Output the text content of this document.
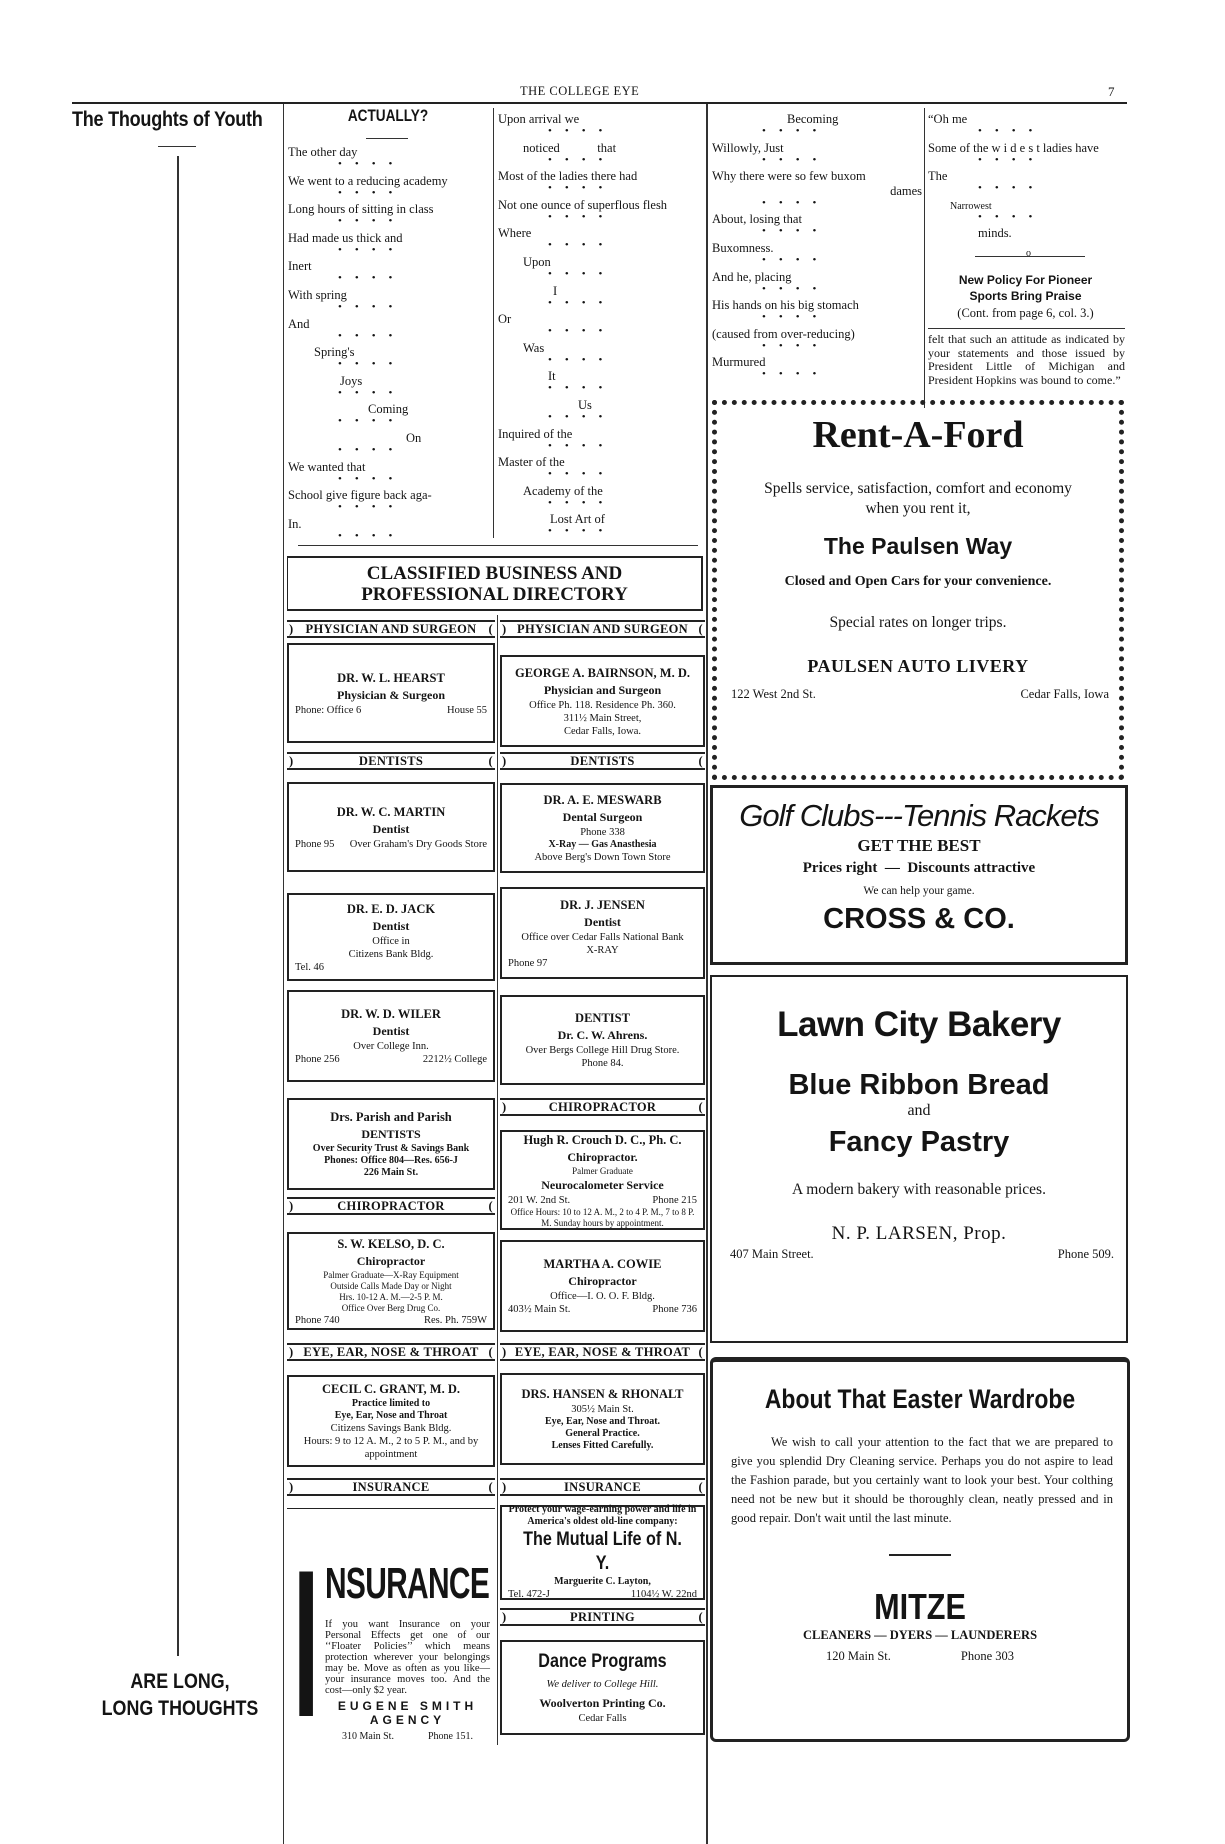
THE COLLEGE EYE	7
The Thoughts of Youth
ARE LONG,
LONG THOUGHTS
ACTUALLY?
The other day
••••
We went to a reducing academy
••••
Long hours of sitting in class
••••
Had made us thick and
••••
Inert
••••
With spring
••••
And
••••
Spring's
••••
Joys
••••
Coming
••••
On
••••
We wanted that
••••
School give figure back aga-
••••
In.
••••
Upon arrival we
••••
noticed            that
••••
Most of the ladies there had
••••
Not one ounce of superflous flesh
••••
Where
••••
Upon
••••
I
••••
Or
••••
Was
••••
It
••••
Us
••••
Inquired of the
••••
Master of the
••••
Academy of the
••••
Lost Art of
••••
Becoming
••••
Willowly, Just
••••
Why there were so few buxom
dames
••••
About, losing that
••••
Buxomness.
••••
And he, placing
••••
His hands on his big stomach
••••
(caused from over-reducing)
••••
Murmured
••••
“Oh me
••••
Some of the w i d e s t ladies have
••••
The
••••
Narrowest
••••
minds.
o
New Policy For Pioneer
Sports Bring Praise
(Cont. from page 6, col. 3.)
felt that such an attitude as indicated by your statements and those issued by President Little of Michigan and President Hopkins was bound to come.”
CLASSIFIED BUSINESS AND
PROFESSIONAL DIRECTORY
) PHYSICIAN AND SURGEON (
DR. W. L. HEARST
Physician & Surgeon
Phone: Office 6	House 55
)	DENTISTS	(
DR. W. C. MARTIN
Dentist
Phone 95 Over Graham's Dry Goods Store
DR. E. D. JACK
Dentist
Office in
Citizens Bank Bldg.
Tel. 46
DR. W. D. WILER
Dentist
Over College Inn.
Phone 256	2212½ College
Drs. Parish and Parish
DENTISTS
Over Security Trust & Savings Bank
Phones: Office 804—Res. 656-J
226 Main St.
)	CHIROPRACTOR	(
S. W. KELSO, D. C.
Chiropractor
Palmer Graduate—X-Ray Equipment
Outside Calls Made Day or Night
Hrs. 10-12 A. M.—2-5 P. M.
Office Over Berg Drug Co.
Phone 740	Res. Ph. 759W
) EYE, EAR, NOSE & THROAT (
CECIL C. GRANT, M. D.
Practice limited to
Eye, Ear, Nose and Throat
Citizens Savings Bank Bldg.
Hours: 9 to 12 A. M., 2 to 5 P. M., and by appointment
)	INSURANCE	(
I NSURANCE
If you want Insurance on your Personal Effects get one of our ‘‘Floater Policies’’ which means protection wherever your belongings may be. Move as often as you like—your insurance moves too. And the cost—only $2 year.
EUGENE SMITH
AGENCY
310 Main St.	Phone 151.
) PHYSICIAN AND SURGEON (
GEORGE A. BAIRNSON, M. D.
Physician and Surgeon
Office Ph. 118. Residence Ph. 360.
311½ Main Street,
Cedar Falls, Iowa.
)	DENTISTS	(
DR. A. E. MESWARB
Dental Surgeon
Phone 338
X-Ray — Gas Anasthesia
Above Berg's Down Town Store
DR. J. JENSEN
Dentist
Office over Cedar Falls National Bank
X-RAY
Phone 97
DENTIST
Dr. C. W. Ahrens.
Over Bergs College Hill Drug Store.
Phone 84.
)	CHIROPRACTOR	(
Hugh R. Crouch D. C., Ph. C.
Chiropractor.
Palmer Graduate
Neurocalometer Service
201 W. 2nd St.	Phone 215
Office Hours: 10 to 12 A. M., 2 to 4 P. M., 7 to 8 P. M. Sunday hours by appointment.
MARTHA A. COWIE
Chiropractor
Office—I. O. O. F. Bldg.
403½ Main St.	Phone 736
) EYE, EAR, NOSE & THROAT (
DRS. HANSEN & RHONALT
305½ Main St.
Eye, Ear, Nose and Throat.
General Practice.
Lenses Fitted Carefully.
)	INSURANCE	(
Protect your wage-earning power and life in America's oldest old-line company:
The Mutual Life of N. Y.
Marguerite C. Layton,
Tel. 472-J	1104½ W. 22nd
)	PRINTING	(
Dance Programs
We deliver to College Hill.
Woolverton Printing Co.
Cedar Falls
Rent-A-Ford
Spells service, satisfaction, comfort and economy when you rent it,
The Paulsen Way
Closed and Open Cars for your convenience.
Special rates on longer trips.
PAULSEN AUTO LIVERY
122 West 2nd St.	Cedar Falls, Iowa
Golf Clubs---Tennis Rackets
GET THE BEST
Prices right  —  Discounts attractive
We can help your game.
CROSS & CO.
Lawn City Bakery
Blue Ribbon Bread
and
Fancy Pastry
A modern bakery with reasonable prices.
N. P. LARSEN, Prop.
407 Main Street.	Phone 509.
About That Easter Wardrobe
We wish to call your attention to the fact that we are prepared to give you splendid Dry Cleaning service. Perhaps you do not aspire to lead the Fashion parade, but you certainly want to look your best. Your colthing need not be new but it should be thoroughly clean, neatly pressed and in good repair. Don't wait until the last minute.
MITZE
CLEANERS — DYERS — LAUNDERERS
120 Main St.	Phone 303
